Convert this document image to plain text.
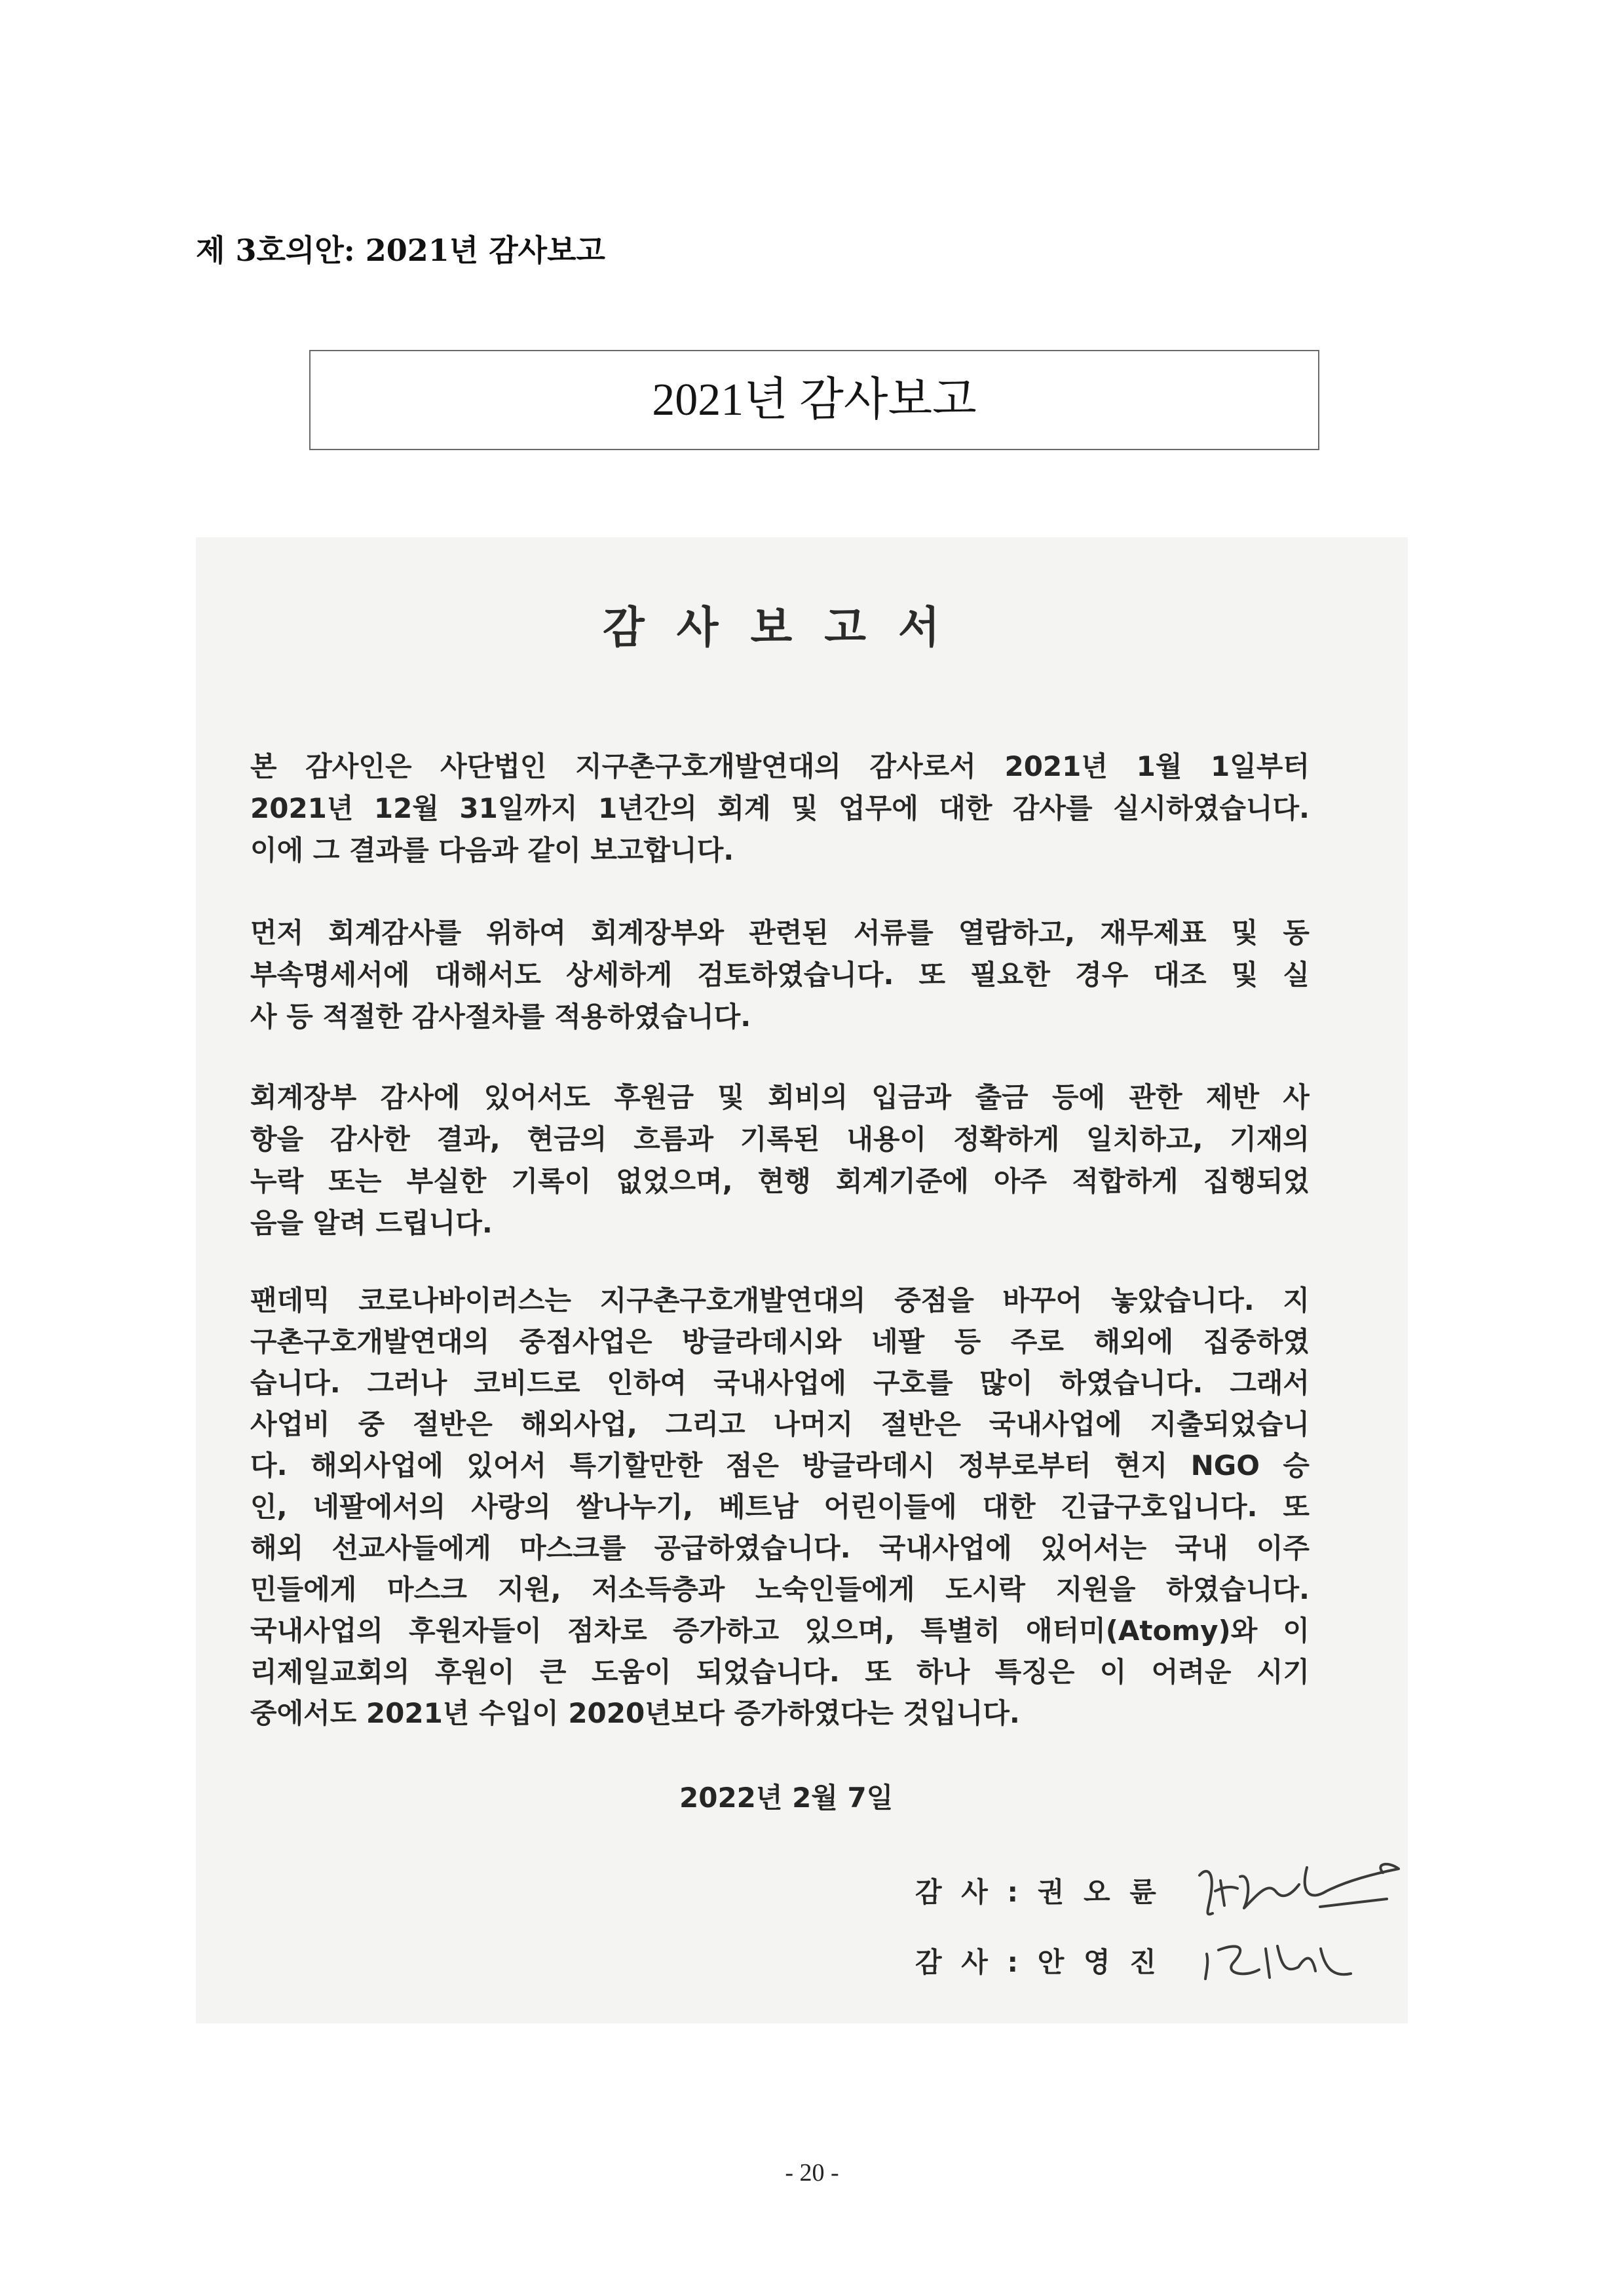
제 3호의안: 2021년 감사보고
2021년 감사보고
감 사 보 고 서
본 감사인은 사단법인 지구촌구호개발연대의 감사로서 2021년 1월 1일부터
2021년 12월 31일까지 1년간의 회계 및 업무에 대한 감사를 실시하였습니다.
이에 그 결과를 다음과 같이 보고합니다.
먼저 회계감사를 위하여 회계장부와 관련된 서류를 열람하고, 재무제표 및 동
부속명세서에 대해서도 상세하게 검토하였습니다. 또 필요한 경우 대조 및 실
사 등 적절한 감사절차를 적용하였습니다.
회계장부 감사에 있어서도 후원금 및 회비의 입금과 출금 등에 관한 제반 사
항을 감사한 결과, 현금의 흐름과 기록된 내용이 정확하게 일치하고, 기재의
누락 또는 부실한 기록이 없었으며, 현행 회계기준에 아주 적합하게 집행되었
음을 알려 드립니다.
팬데믹 코로나바이러스는 지구촌구호개발연대의 중점을 바꾸어 놓았습니다. 지
구촌구호개발연대의 중점사업은 방글라데시와 네팔 등 주로 해외에 집중하였
습니다. 그러나 코비드로 인하여 국내사업에 구호를 많이 하였습니다. 그래서
사업비 중 절반은 해외사업, 그리고 나머지 절반은 국내사업에 지출되었습니
다. 해외사업에 있어서 특기할만한 점은 방글라데시 정부로부터 현지 NGO 승
인, 네팔에서의 사랑의 쌀나누기, 베트남 어린이들에 대한 긴급구호입니다. 또
해외 선교사들에게 마스크를 공급하였습니다. 국내사업에 있어서는 국내 이주
민들에게 마스크 지원, 저소득층과 노숙인들에게 도시락 지원을 하였습니다.
국내사업의 후원자들이 점차로 증가하고 있으며, 특별히 애터미(Atomy)와 이
리제일교회의 후원이 큰 도움이 되었습니다. 또 하나 특징은 이 어려운 시기
중에서도 2021년 수입이 2020년보다 증가하였다는 것입니다.
2022년 2월 7일
감 사 : 권 오 륜
감 사 : 안 영 진
- 20 -
